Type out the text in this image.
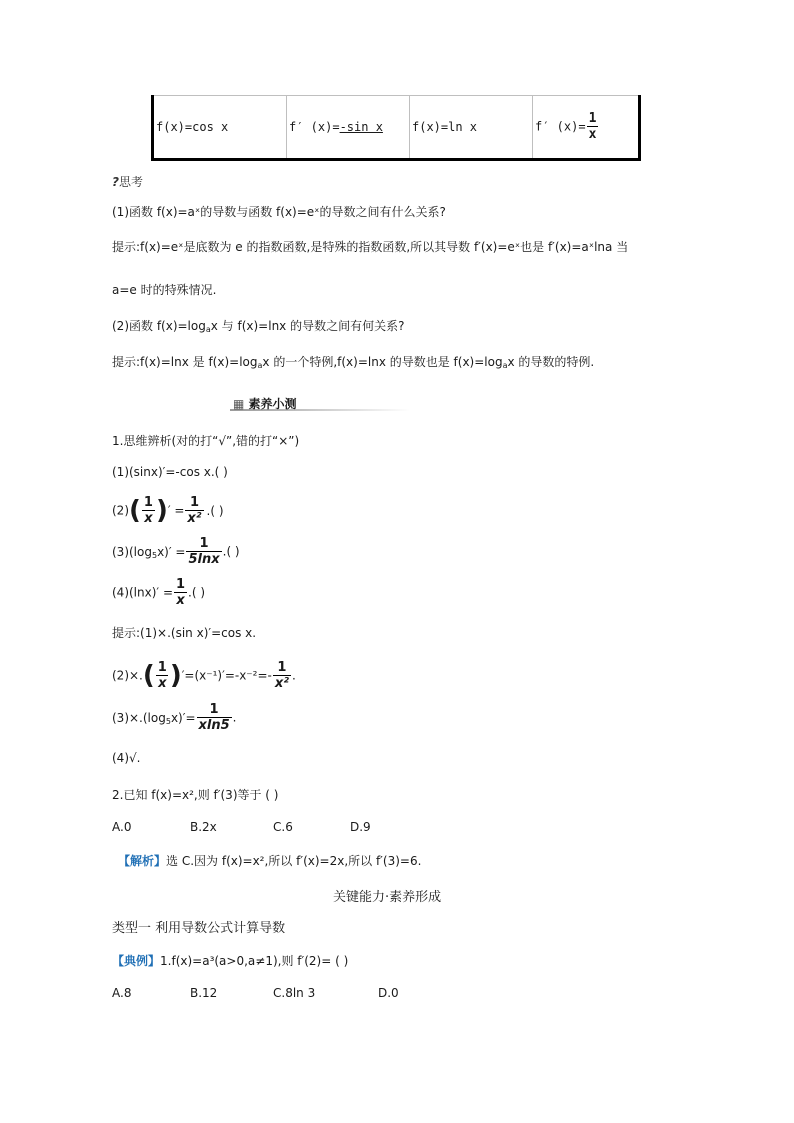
f(x)=cos x	f′ (x)=-sin x	f(x)=ln x	f′ $(x)= \frac{1}{x}$
?思考
(1)函数 f(x)=aˣ的导数与函数 f(x)=eˣ的导数之间有什么关系?
提示:f(x)=eˣ是底数为 e 的指数函数,是特殊的指数函数,所以其导数 f′(x)=eˣ也是 f′(x)=aˣlna 当
a=e 时的特殊情况.
(2)函数 $f(x)=\log_ax$ 与 f(x)=lnx 的导数之间有何关系?
提示:f(x)=lnx 是 $f(x)=\log_ax$ 的一个特例,f(x)=lnx 的导数也是 $f(x)=\log_ax$ 的导数的特例.
▦ 素养小测
1.思维辨析(对的打“√”,错的打“×”)
(1)(sinx)′=-cos x.( )
$(2)( \frac{1}{x}$ )′ = $\frac{1}{\text{x²}}$ .( )
$(3)(\log_5x)' = \frac{1}{5\ln x}$ .( )
$(4)(\ln x)' = \frac{1}{x}$ .( )
提示:(1)×.(sin x)′=cos x.
$(2)\times.( \frac{1}{x} )'=(x^{-1})'=-x^{-2}=- \frac{1}{\text{x²}}$ .
$(3)\times.(\log_5x)'= \frac{1}{xln5}$ .
(4)√.
2.已知 f(x)=x²,则 f′(3)等于 ( )
A.0	B.2x	C.6	D.9
【解析】选 C.因为 f(x)=x²,所以 f′(x)=2x,所以 f′(3)=6.
关键能力·素养形成
类型一 利用导数公式计算导数
【典例】1.f(x)=a³(a>0,a≠1),则 f′(2)= ( )
A.8	B.12	C.8ln 3	D.0
